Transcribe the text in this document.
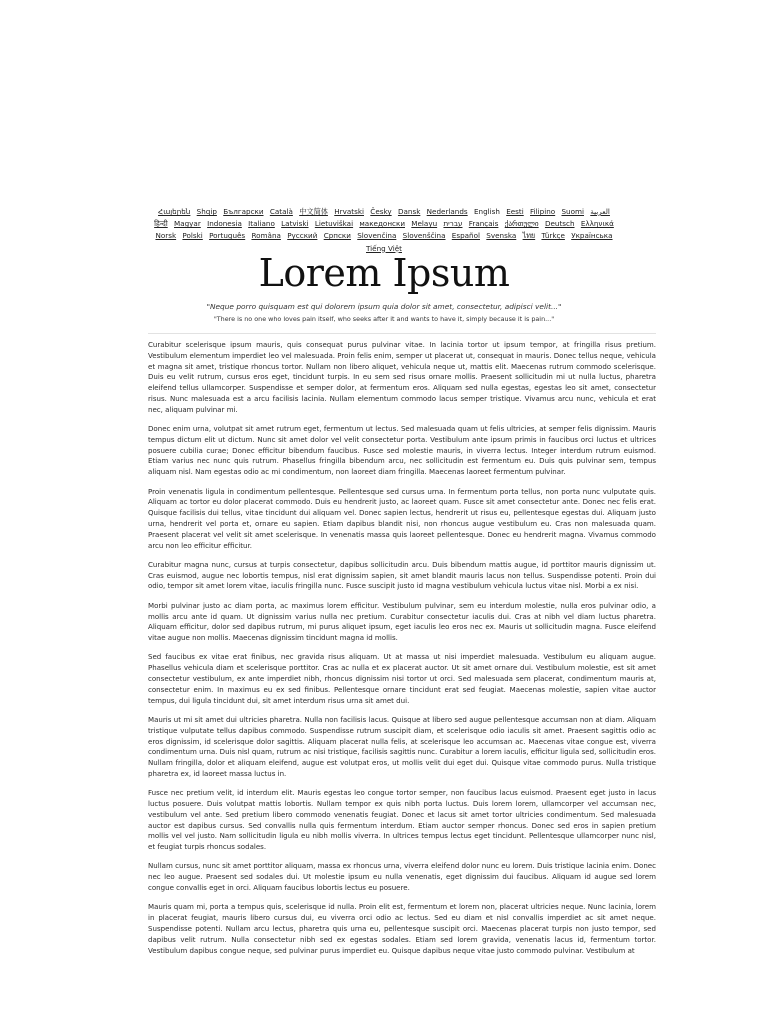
Հայերեն Shqip	‫العربية Български Català 中文简体 Hrvatski Česky Dansk Nederlands English Eesti Filipino Suomi Français ქართული Deutsch Ελληνικά ‫עברית हिन्दी Magyar Indonesia Italiano Latviski Lietuviškai македонски Melayu Norsk Polski Português Româna Pyccкий Српски Slovenčina Slovenščina Español Svenska ไทย Türkçe Українська Tiếng Việt
Lorem Ipsum
"Neque porro quisquam est qui dolorem ipsum quia dolor sit amet, consectetur, adipisci velit..."
"There is no one who loves pain itself, who seeks after it and wants to have it, simply because it is pain..."

Curabitur scelerisque ipsum mauris, quis consequat purus pulvinar vitae. In lacinia tortor ut ipsum tempor, at fringilla risus pretium. Vestibulum elementum imperdiet leo vel malesuada. Proin felis enim, semper ut placerat ut, consequat in mauris. Donec tellus neque, vehicula et magna sit amet, tristique rhoncus tortor. Nullam non libero aliquet, vehicula neque ut, mattis elit. Maecenas rutrum commodo scelerisque. Duis eu velit rutrum, cursus eros eget, tincidunt turpis. In eu sem sed risus ornare mollis. Praesent sollicitudin mi ut nulla luctus, pharetra eleifend tellus ullamcorper. Suspendisse et semper dolor, at fermentum eros. Aliquam sed nulla egestas, egestas leo sit amet, consectetur risus. Nunc malesuada est a arcu facilisis lacinia. Nullam elementum commodo lacus semper tristique. Vivamus arcu nunc, vehicula et erat nec, aliquam pulvinar mi.

Donec enim urna, volutpat sit amet rutrum eget, fermentum ut lectus. Sed malesuada quam ut felis ultricies, at semper felis dignissim. Mauris tempus dictum elit ut dictum. Nunc sit amet dolor vel velit consectetur porta. Vestibulum ante ipsum primis in faucibus orci luctus et ultrices posuere cubilia curae; Donec efficitur bibendum faucibus. Fusce sed molestie mauris, in viverra lectus. Integer interdum rutrum euismod. Etiam varius nec nunc quis rutrum. Phasellus fringilla bibendum arcu, nec sollicitudin est fermentum eu. Duis quis pulvinar sem, tempus aliquam nisl. Nam egestas odio ac mi condimentum, non laoreet diam fringilla. Maecenas laoreet fermentum pulvinar.

Proin venenatis ligula in condimentum pellentesque. Pellentesque sed cursus urna. In fermentum porta tellus, non porta nunc vulputate quis. Aliquam ac tortor eu dolor placerat commodo. Duis eu hendrerit justo, ac laoreet quam. Fusce sit amet consectetur ante. Donec nec felis erat. Quisque facilisis dui tellus, vitae tincidunt dui aliquam vel. Donec sapien lectus, hendrerit ut risus eu, pellentesque egestas dui. Aliquam justo urna, hendrerit vel porta et, ornare eu sapien. Etiam dapibus blandit nisi, non rhoncus augue vestibulum eu. Cras non malesuada quam. Praesent placerat vel velit sit amet scelerisque. In venenatis massa quis laoreet pellentesque. Donec eu hendrerit magna. Vivamus commodo arcu non leo efficitur efficitur.

Curabitur magna nunc, cursus at turpis consectetur, dapibus sollicitudin arcu. Duis bibendum mattis augue, id porttitor mauris dignissim ut. Cras euismod, augue nec lobortis tempus, nisl erat dignissim sapien, sit amet blandit mauris lacus non tellus. Suspendisse potenti. Proin dui odio, tempor sit amet lorem vitae, iaculis fringilla nunc. Fusce suscipit justo id magna vestibulum vehicula luctus vitae nisl. Morbi a ex nisi.

Morbi pulvinar justo ac diam porta, ac maximus lorem efficitur. Vestibulum pulvinar, sem eu interdum molestie, nulla eros pulvinar odio, a mollis arcu ante id quam. Ut dignissim varius nulla nec pretium. Curabitur consectetur iaculis dui. Cras at nibh vel diam luctus pharetra. Aliquam efficitur, dolor sed dapibus rutrum, mi purus aliquet ipsum, eget iaculis leo eros nec ex. Mauris ut sollicitudin magna. Fusce eleifend vitae augue non mollis. Maecenas dignissim tincidunt magna id mollis.

Sed faucibus ex vitae erat finibus, nec gravida risus aliquam. Ut at massa ut nisi imperdiet malesuada. Vestibulum eu aliquam augue. Phasellus vehicula diam et scelerisque porttitor. Cras ac nulla et ex placerat auctor. Ut sit amet ornare dui. Vestibulum molestie, est sit amet consectetur vestibulum, ex ante imperdiet nibh, rhoncus dignissim nisi tortor ut orci. Sed malesuada sem placerat, condimentum mauris at, consectetur enim. In maximus eu ex sed finibus. Pellentesque ornare tincidunt erat sed feugiat. Maecenas molestie, sapien vitae auctor tempus, dui ligula tincidunt dui, sit amet interdum risus urna sit amet dui.

Mauris ut mi sit amet dui ultricies pharetra. Nulla non facilisis lacus. Quisque at libero sed augue pellentesque accumsan non at diam. Aliquam tristique vulputate tellus dapibus commodo. Suspendisse rutrum suscipit diam, et scelerisque odio iaculis sit amet. Praesent sagittis odio ac eros dignissim, id scelerisque dolor sagittis. Aliquam placerat nulla felis, at scelerisque leo accumsan ac. Maecenas vitae congue est, viverra condimentum urna. Duis nisl quam, rutrum ac nisi tristique, facilisis sagittis nunc. Curabitur a lorem iaculis, efficitur ligula sed, sollicitudin eros. Nullam fringilla, dolor et aliquam eleifend, augue est volutpat eros, ut mollis velit dui eget dui. Quisque vitae commodo purus. Nulla tristique pharetra ex, id laoreet massa luctus in.

Fusce nec pretium velit, id interdum elit. Mauris egestas leo congue tortor semper, non faucibus lacus euismod. Praesent eget justo in lacus luctus posuere. Duis volutpat mattis lobortis. Nullam tempor ex quis nibh porta luctus. Duis lorem lorem, ullamcorper vel accumsan nec, vestibulum vel ante. Sed pretium libero commodo venenatis feugiat. Donec et lacus sit amet tortor ultricies condimentum. Sed malesuada auctor est dapibus cursus. Sed convallis nulla quis fermentum interdum. Etiam auctor semper rhoncus. Donec sed eros in sapien pretium mollis vel vel justo. Nam sollicitudin ligula eu nibh mollis viverra. In ultrices tempus lectus eget tincidunt. Pellentesque ullamcorper nunc nisl, et feugiat turpis rhoncus sodales.

Nullam cursus, nunc sit amet porttitor aliquam, massa ex rhoncus urna, viverra eleifend dolor nunc eu lorem. Duis tristique lacinia enim. Donec nec leo augue. Praesent sed sodales dui. Ut molestie ipsum eu nulla venenatis, eget dignissim dui faucibus. Aliquam id augue sed lorem congue convallis eget in orci. Aliquam faucibus lobortis lectus eu posuere.

Mauris quam mi, porta a tempus quis, scelerisque id nulla. Proin elit est, fermentum et lorem non, placerat ultricies neque. Nunc lacinia, lorem in placerat feugiat, mauris libero cursus dui, eu viverra orci odio ac lectus. Sed eu diam et nisl convallis imperdiet ac sit amet neque. Suspendisse potenti. Nullam arcu lectus, pharetra quis urna eu, pellentesque suscipit orci. Maecenas placerat turpis non justo tempor, sed dapibus velit rutrum. Nulla consectetur nibh sed ex egestas sodales. Etiam sed lorem gravida, venenatis lacus id, fermentum tortor. Vestibulum dapibus congue neque, sed pulvinar purus imperdiet eu. Quisque dapibus neque vitae justo commodo pulvinar. Vestibulum at
